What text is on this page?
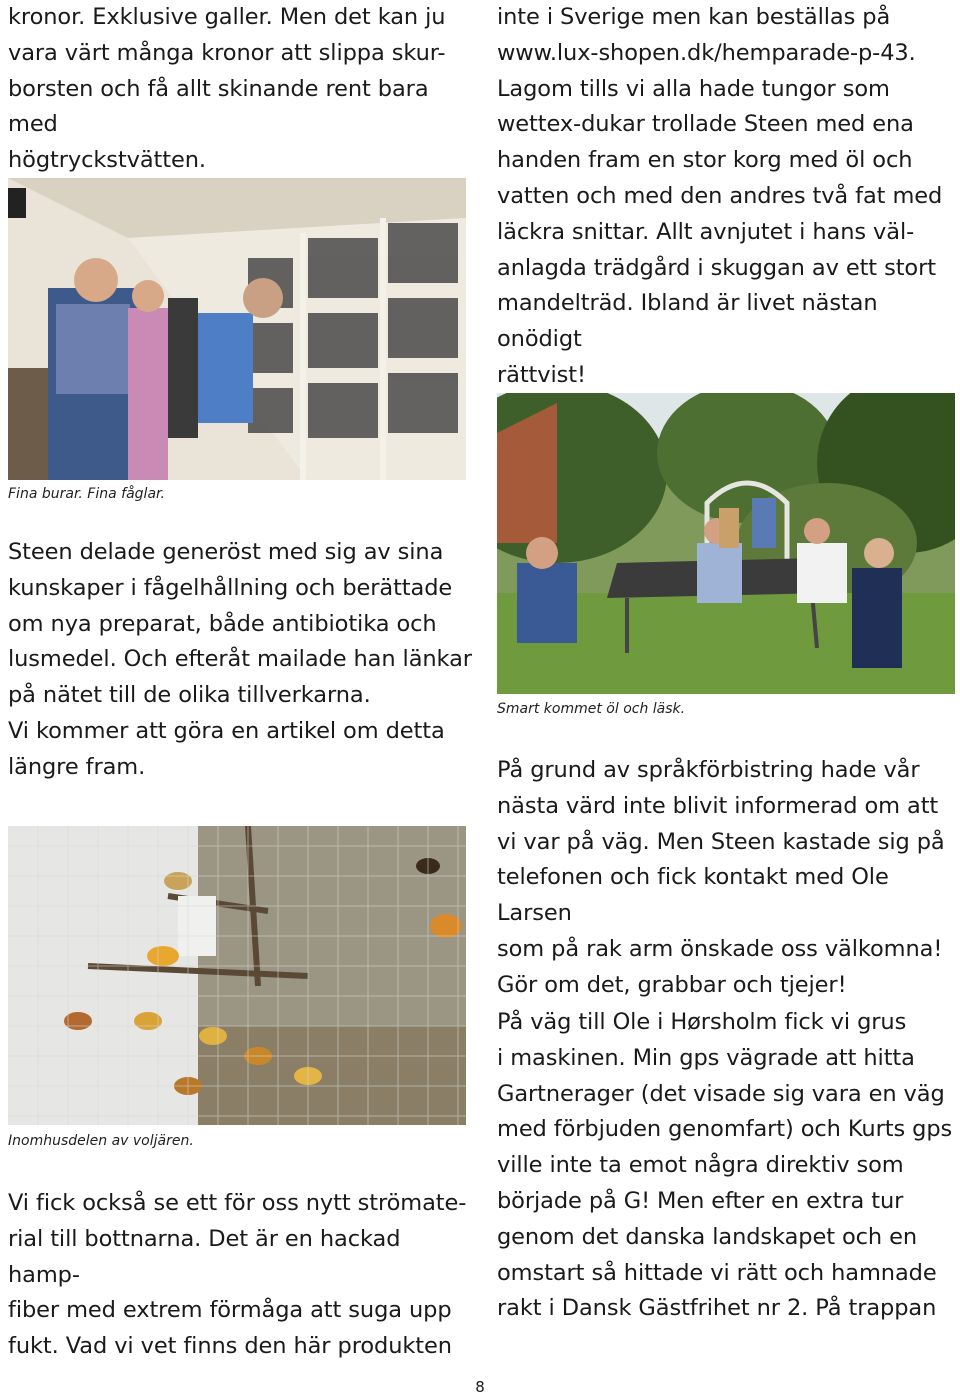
kronor. Exklusive galler. Men det kan ju
vara värt många kronor att slippa skur-
borsten och få allt skinande rent bara med
högtryckstvätten.

Fina burar. Fina fåglar.

Steen delade generöst med sig av sina
kunskaper i fågelhållning och berättade
om nya preparat, både antibiotika och
lusmedel. Och efteråt mailade han länkar
på nätet till de olika tillverkarna.
Vi kommer att göra en artikel om detta
längre fram.

Inomhusdelen av voljären.

Vi fick också se ett för oss nytt strömate-
rial till bottnarna. Det är en hackad hamp-
fiber med extrem förmåga att suga upp
fukt. Vad vi vet finns den här produkten

inte i Sverige men kan beställas på
www.lux-shopen.dk/hemparade-p-43.
Lagom tills vi alla hade tungor som
wettex-dukar trollade Steen med ena
handen fram en stor korg med öl och
vatten och med den andres två fat med
läckra snittar. Allt avnjutet i hans väl-
anlagda trädgård i skuggan av ett stort
mandelträd. Ibland är livet nästan onödigt
rättvist!

Smart kommet öl och läsk.

På grund av språkförbistring hade vår
nästa värd inte blivit informerad om att
vi var på väg. Men Steen kastade sig på
telefonen och fick kontakt med Ole Larsen
som på rak arm önskade oss välkomna!
Gör om det, grabbar och tjejer!

På väg till Ole i Hørsholm fick vi grus
i maskinen. Min gps vägrade att hitta
Gartnerager (det visade sig vara en väg
med förbjuden genomfart) och Kurts gps
ville inte ta emot några direktiv som
började på G! Men efter en extra tur
genom det danska landskapet och en
omstart så hittade vi rätt och hamnade
rakt i Dansk Gästfrihet nr 2. På trappan

8
